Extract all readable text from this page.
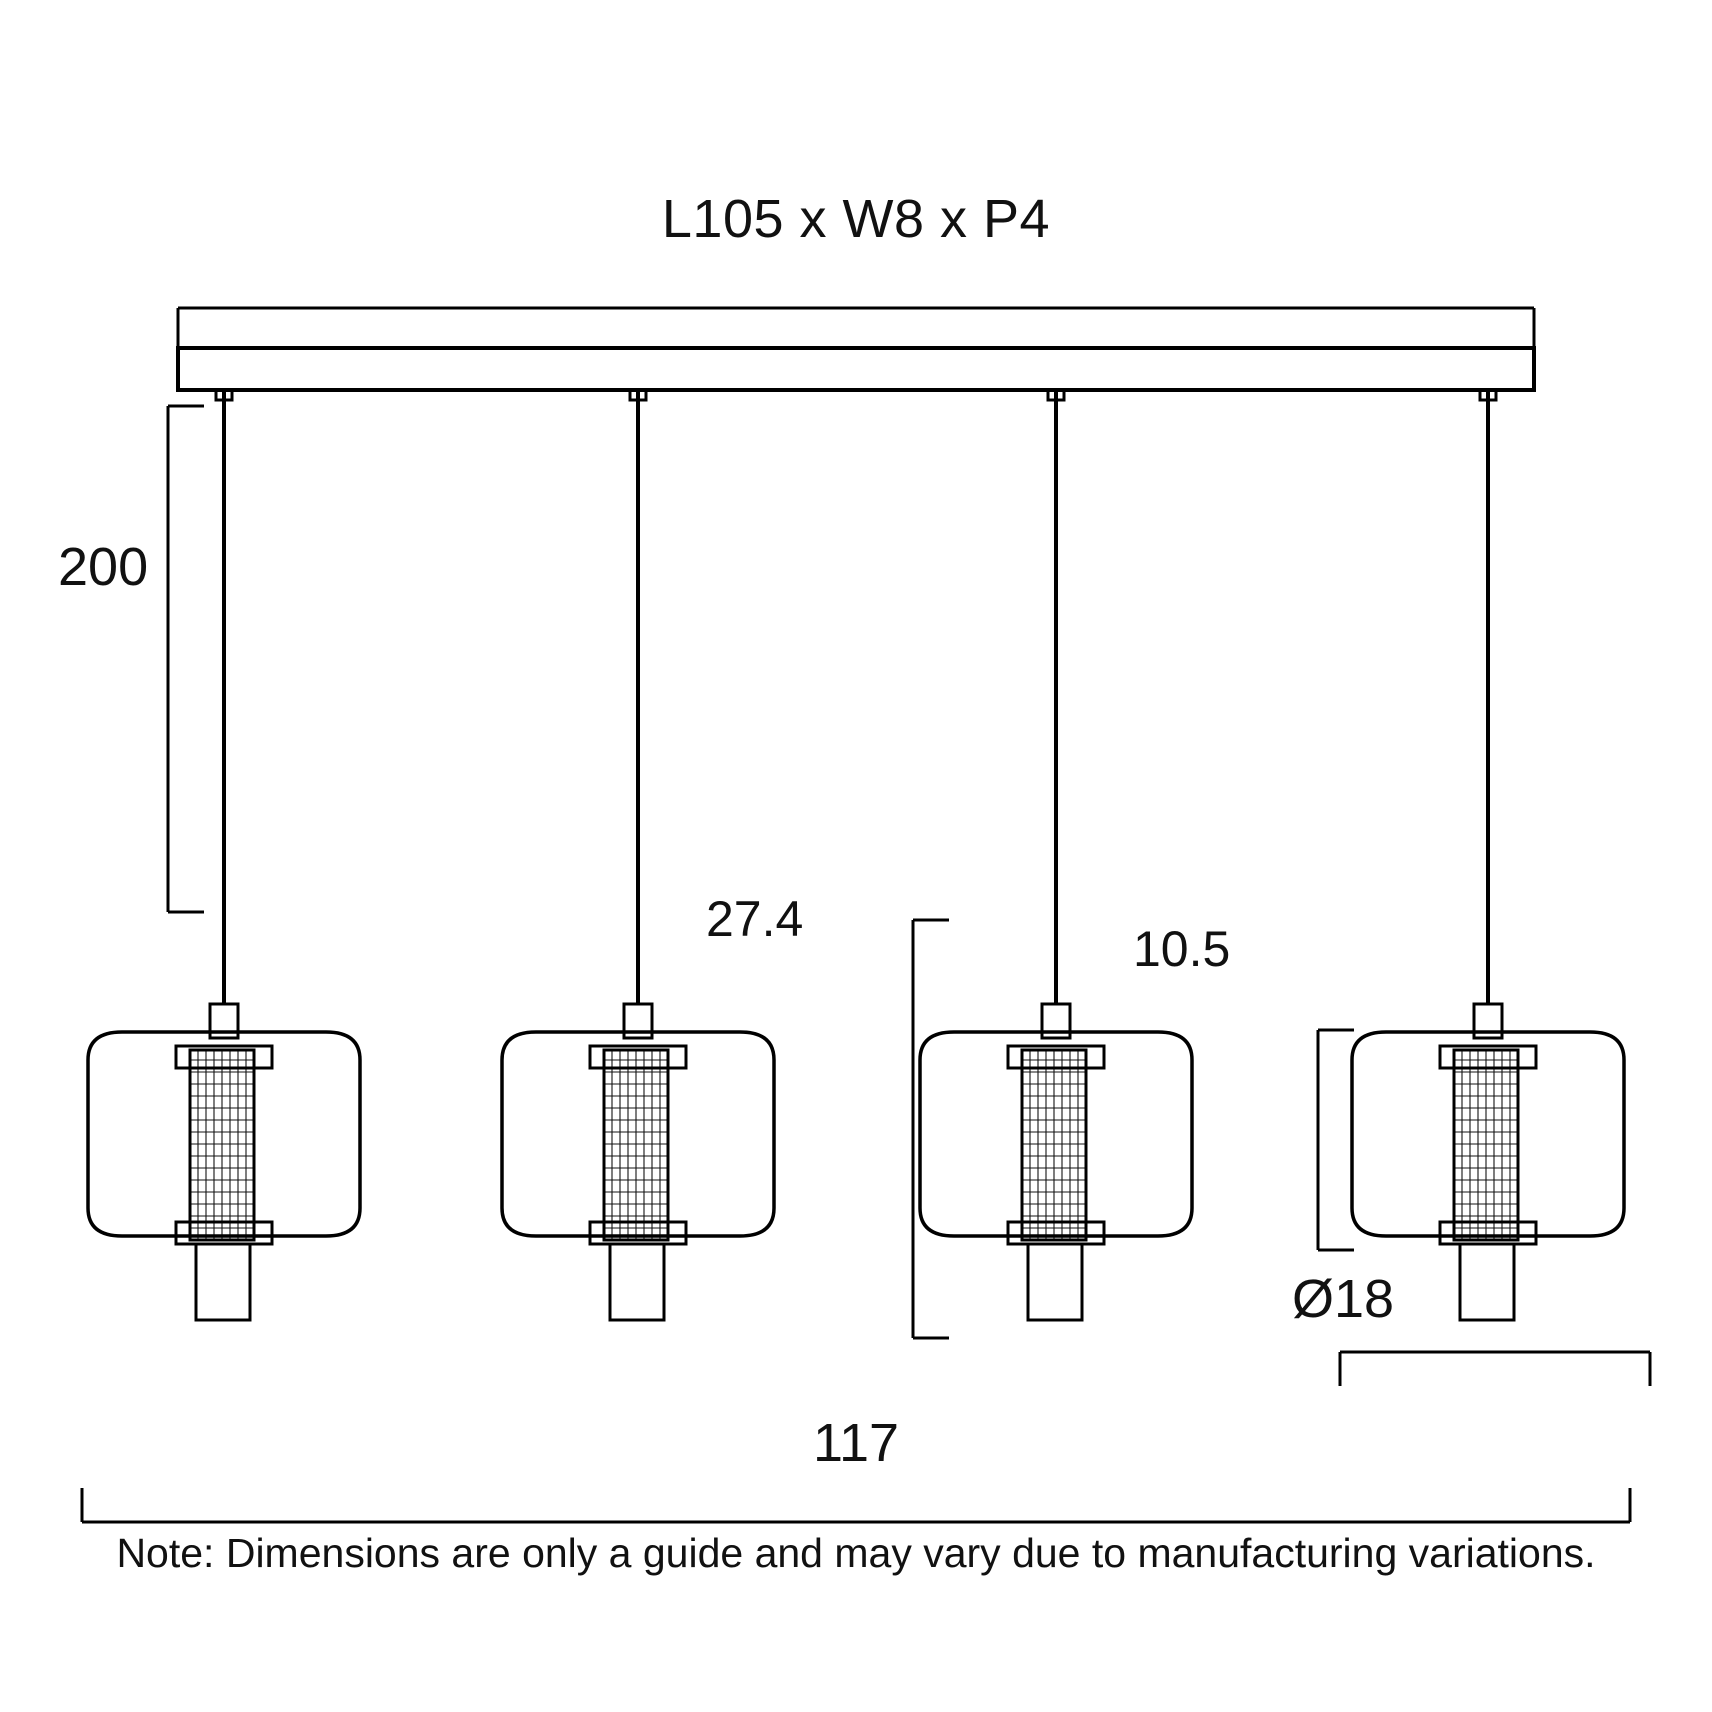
L105 x W8 x P4
200
27.4
10.5
Ø18
117
Note: Dimensions are only a guide and may vary due to manufacturing variations.
